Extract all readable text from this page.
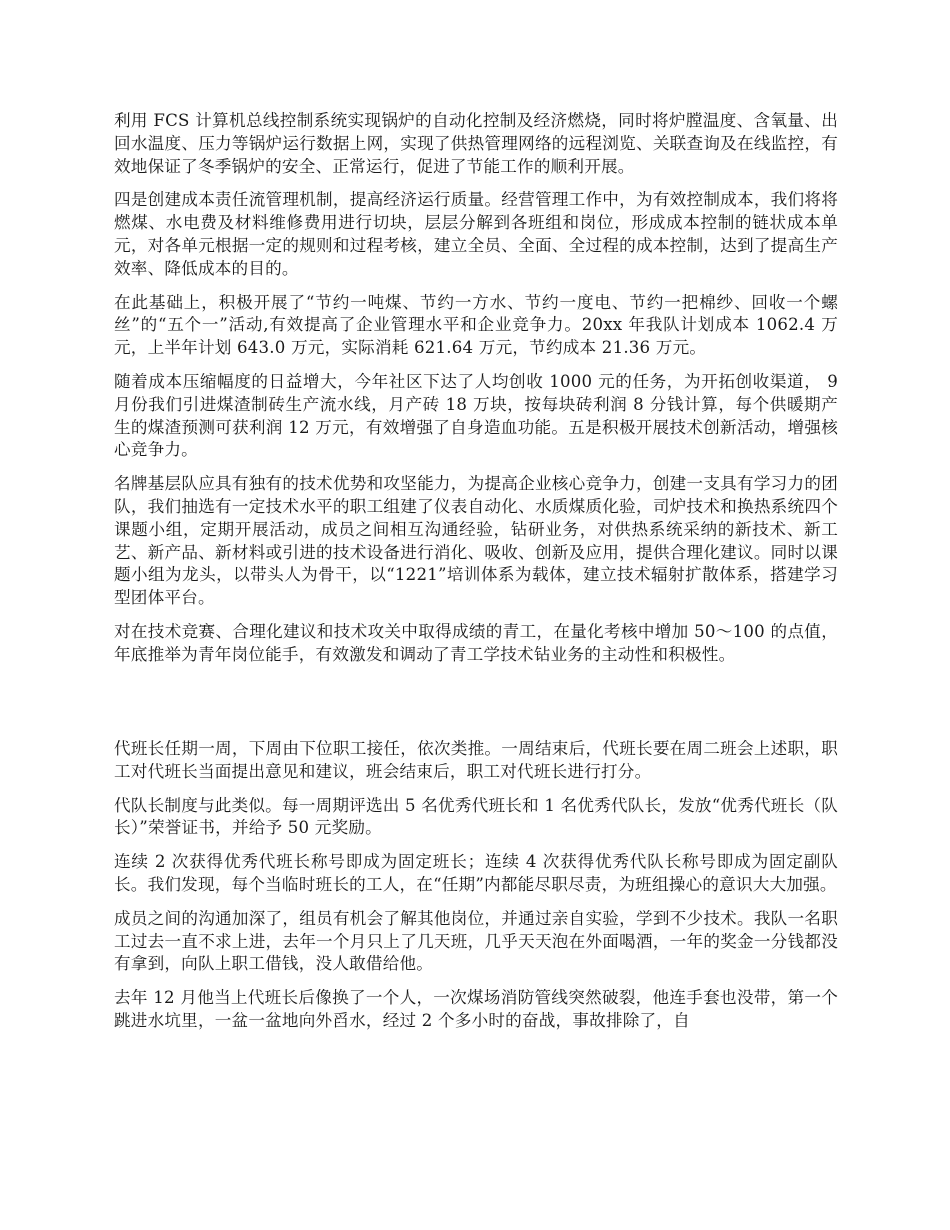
利用 FCS 计算机总线控制系统实现锅炉的自动化控制及经济燃烧，同时将炉膛温度、含氧量、出回水温度、压力等锅炉运行数据上网，实现了供热管理网络的远程浏览、关联查询及在线监控，有效地保证了冬季锅炉的安全、正常运行，促进了节能工作的顺利开展。

四是创建成本责任流管理机制，提高经济运行质量。经营管理工作中，为有效控制成本，我们将将燃煤、水电费及材料维修费用进行切块，层层分解到各班组和岗位，形成成本控制的链状成本单元，对各单元根据一定的规则和过程考核，建立全员、全面、全过程的成本控制，达到了提高生产效率、降低成本的目的。

在此基础上，积极开展了“节约一吨煤、节约一方水、节约一度电、节约一把棉纱、回收一个螺丝”的“五个一”活动,有效提高了企业管理水平和企业竞争力。20xx 年我队计划成本 1062.4 万元，上半年计划 643.0 万元，实际消耗 621.64 万元，节约成本 21.36 万元。

随着成本压缩幅度的日益增大，今年社区下达了人均创收 1000 元的任务，为开拓创收渠道， 9 月份我们引进煤渣制砖生产流水线，月产砖 18 万块，按每块砖利润 8 分钱计算，每个供暖期产生的煤渣预测可获利润 12 万元，有效增强了自身造血功能。五是积极开展技术创新活动，增强核心竞争力。

名牌基层队应具有独有的技术优势和攻坚能力，为提高企业核心竞争力，创建一支具有学习力的团队，我们抽选有一定技术水平的职工组建了仪表自动化、水质煤质化验，司炉技术和换热系统四个课题小组，定期开展活动，成员之间相互沟通经验，钻研业务，对供热系统采纳的新技术、新工艺、新产品、新材料或引进的技术设备进行消化、吸收、创新及应用，提供合理化建议。同时以课题小组为龙头，以带头人为骨干，以“1221”培训体系为载体，建立技术辐射扩散体系，搭建学习型团体平台。

对在技术竞赛、合理化建议和技术攻关中取得成绩的青工，在量化考核中增加 50～100 的点值，年底推举为青年岗位能手，有效激发和调动了青工学技术钻业务的主动性和积极性。

代班长任期一周，下周由下位职工接任，依次类推。一周结束后，代班长要在周二班会上述职，职工对代班长当面提出意见和建议，班会结束后，职工对代班长进行打分。

代队长制度与此类似。每一周期评选出 5 名优秀代班长和 1 名优秀代队长，发放“优秀代班长（队长）”荣誉证书，并给予 50 元奖励。

连续 2 次获得优秀代班长称号即成为固定班长；连续 4 次获得优秀代队长称号即成为固定副队长。我们发现，每个当临时班长的工人，在“任期”内都能尽职尽责，为班组操心的意识大大加强。

成员之间的沟通加深了，组员有机会了解其他岗位，并通过亲自实验，学到不少技术。我队一名职工过去一直不求上进，去年一个月只上了几天班，几乎天天泡在外面喝酒，一年的奖金一分钱都没有拿到，向队上职工借钱，没人敢借给他。

去年 12 月他当上代班长后像换了一个人，一次煤场消防管线突然破裂，他连手套也没带，第一个跳进水坑里，一盆一盆地向外舀水，经过 2 个多小时的奋战，事故排除了，自
